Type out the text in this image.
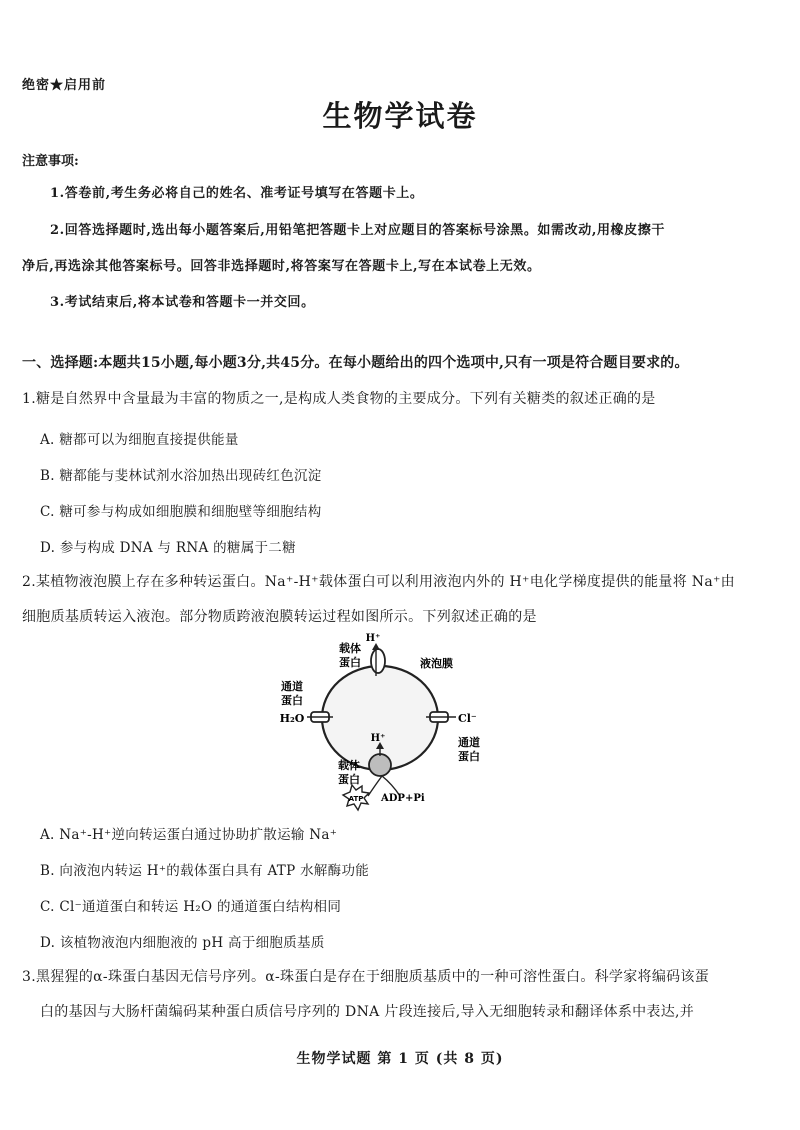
绝密★启用前
生物学试卷
注意事项:
1.答卷前,考生务必将自己的姓名、准考证号填写在答题卡上。
2.回答选择题时,选出每小题答案后,用铅笔把答题卡上对应题目的答案标号涂黑。如需改动,用橡皮擦干
净后,再选涂其他答案标号。回答非选择题时,将答案写在答题卡上,写在本试卷上无效。
3.考试结束后,将本试卷和答题卡一并交回。
一、选择题:本题共15小题,每小题3分,共45分。在每小题给出的四个选项中,只有一项是符合题目要求的。
1.糖是自然界中含量最为丰富的物质之一,是构成人类食物的主要成分。下列有关糖类的叙述正确的是
A. 糖都可以为细胞直接提供能量
B. 糖都能与斐林试剂水浴加热出现砖红色沉淀
C. 糖可参与构成如细胞膜和细胞壁等细胞结构
D. 参与构成 DNA 与 RNA 的糖属于二糖
2.某植物液泡膜上存在多种转运蛋白。Na⁺-H⁺载体蛋白可以利用液泡内外的 H⁺电化学梯度提供的能量将 Na⁺由
细胞质基质转运入液泡。部分物质跨液泡膜转运过程如图所示。下列叙述正确的是
载体
蛋白
H⁺
液泡膜
通道
蛋白
H₂O	Cl⁻
通道
蛋白
H⁺
载体
蛋白
ATP ADP+Pi
A. Na⁺-H⁺逆向转运蛋白通过协助扩散运输 Na⁺
B. 向液泡内转运 H⁺的载体蛋白具有 ATP 水解酶功能
C. Cl⁻通道蛋白和转运 H₂O 的通道蛋白结构相同
D. 该植物液泡内细胞液的 pH 高于细胞质基质
3.黑猩猩的α-珠蛋白基因无信号序列。α-珠蛋白是存在于细胞质基质中的一种可溶性蛋白。科学家将编码该蛋
白的基因与大肠杆菌编码某种蛋白质信号序列的 DNA 片段连接后,导入无细胞转录和翻译体系中表达,并
生物学试题 第 1 页 (共 8 页)
